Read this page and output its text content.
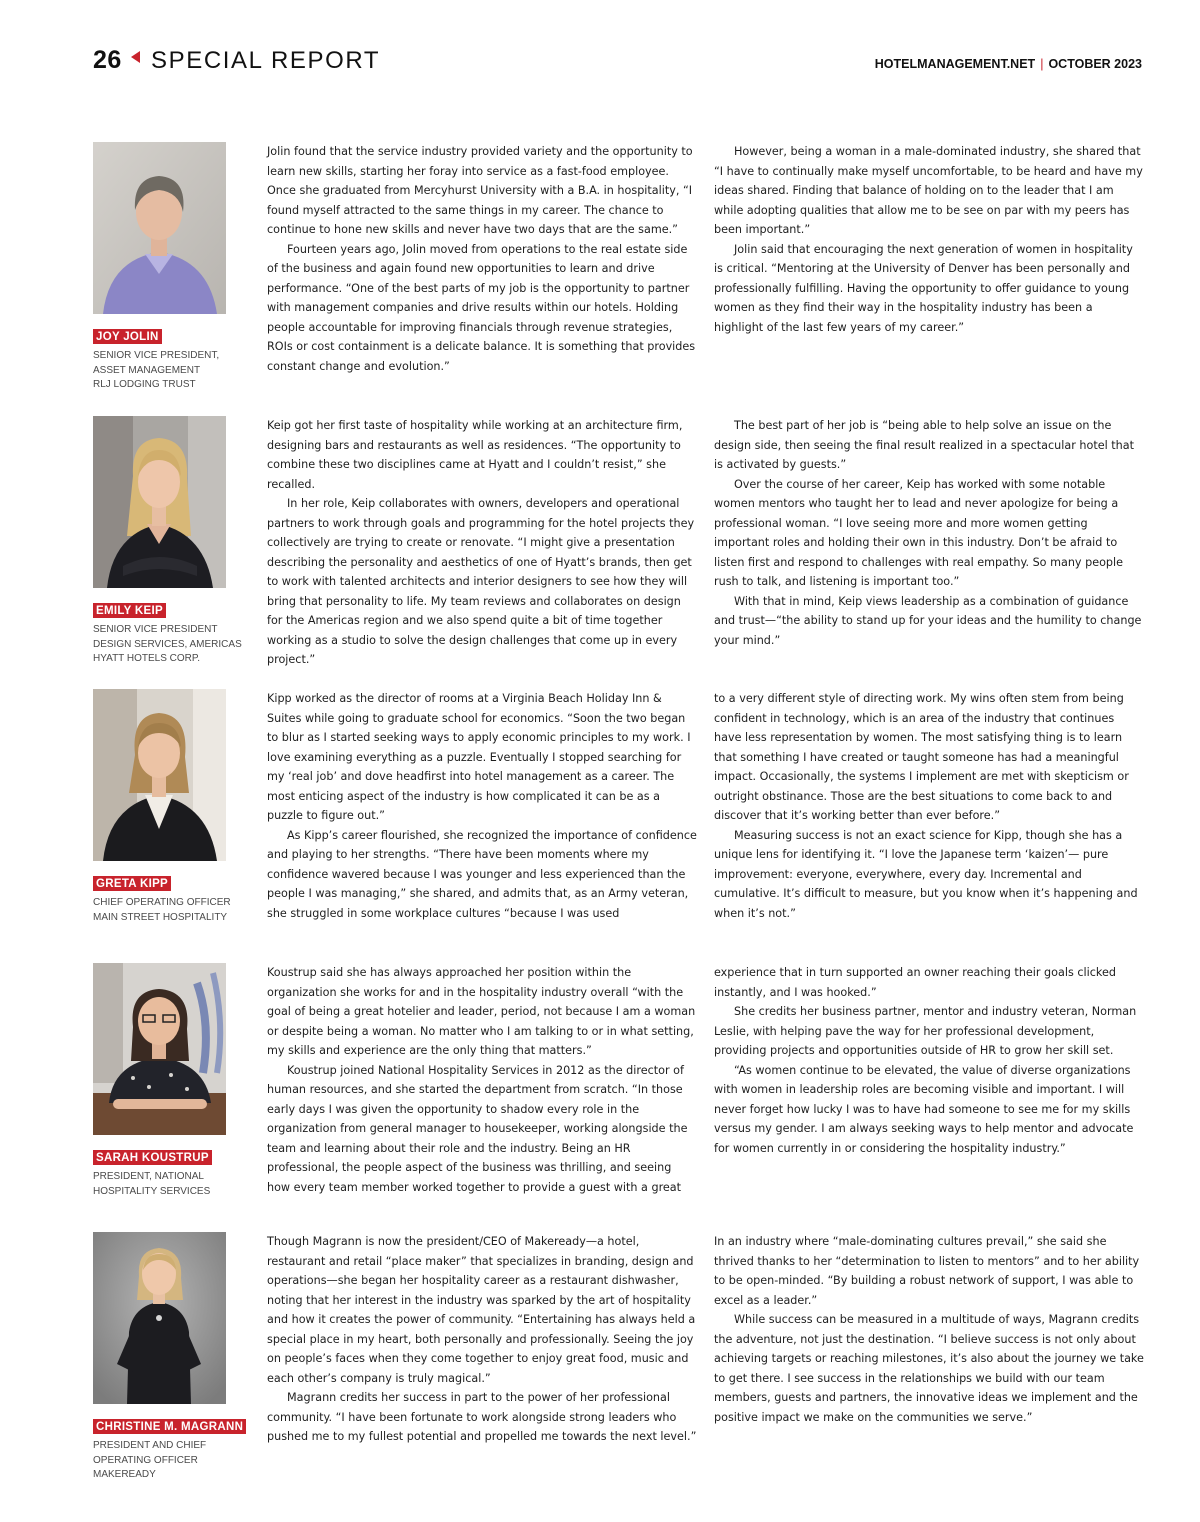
26 SPECIAL REPORT	HOTELMANAGEMENT.NET | OCTOBER 2023
JOY JOLIN
SENIOR VICE PRESIDENT,
ASSET MANAGEMENT
RLJ LODGING TRUST

Jolin found that the service industry provided variety and the opportunity to learn new skills, starting her foray into service as a fast-food employee. Once she graduated from Mercyhurst University with a B.A. in hospitality, “I found myself attracted to the same things in my career. The chance to continue to hone new skills and never have two days that are the same.”

Fourteen years ago, Jolin moved from operations to the real estate side of the business and again found new opportunities to learn and drive performance. “One of the best parts of my job is the opportunity to partner with management companies and drive results within our hotels. Holding people accountable for improving financials through revenue strategies, ROIs or cost containment is a delicate balance. It is something that provides constant change and evolution.”

However, being a woman in a male-dominated industry, she shared that “I have to continually make myself uncomfortable, to be heard and have my ideas shared. Finding that balance of holding on to the leader that I am while adopting qualities that allow me to be see on par with my peers has been important.”

Jolin said that encouraging the next generation of women in hospitality is critical. “Mentoring at the University of Denver has been personally and professionally fulfilling. Having the opportunity to offer guidance to young women as they find their way in the hospitality industry has been a highlight of the last few years of my career.”

EMILY KEIP
SENIOR VICE PRESIDENT
DESIGN SERVICES, AMERICAS
HYATT HOTELS CORP.

Keip got her first taste of hospitality while working at an architecture firm, designing bars and restaurants as well as residences. “The opportunity to combine these two disciplines came at Hyatt and I couldn’t resist,” she recalled.

In her role, Keip collaborates with owners, developers and operational partners to work through goals and programming for the hotel projects they collectively are trying to create or renovate. “I might give a presentation describing the personality and aesthetics of one of Hyatt’s brands, then get to work with talented architects and interior designers to see how they will bring that personality to life. My team reviews and collaborates on design for the Americas region and we also spend quite a bit of time together working as a studio to solve the design challenges that come up in every project.”

The best part of her job is “being able to help solve an issue on the design side, then seeing the final result realized in a spectacular hotel that is activated by guests.”

Over the course of her career, Keip has worked with some notable women mentors who taught her to lead and never apologize for being a professional woman. “I love seeing more and more women getting important roles and holding their own in this industry. Don’t be afraid to listen first and respond to challenges with real empathy. So many people rush to talk, and listening is important too.”

With that in mind, Keip views leadership as a combination of guidance and trust—“the ability to stand up for your ideas and the humility to change your mind.”

GRETA KIPP
CHIEF OPERATING OFFICER
MAIN STREET HOSPITALITY

Kipp worked as the director of rooms at a Virginia Beach Holiday Inn & Suites while going to graduate school for economics. “Soon the two began to blur as I started seeking ways to apply economic principles to my work. I love examining everything as a puzzle. Eventually I stopped searching for my ‘real job’ and dove headfirst into hotel management as a career. The most enticing aspect of the industry is how complicated it can be as a puzzle to figure out.”

As Kipp’s career flourished, she recognized the importance of confidence and playing to her strengths. “There have been moments where my confidence wavered because I was younger and less experienced than the people I was managing,” she shared, and admits that, as an Army veteran, she struggled in some workplace cultures “because I was used

to a very different style of directing work. My wins often stem from being confident in technology, which is an area of the industry that continues have less representation by women. The most satisfying thing is to learn that something I have created or taught someone has had a meaningful impact. Occasionally, the systems I implement are met with skepticism or outright obstinance. Those are the best situations to come back to and discover that it’s working better than ever before.”

Measuring success is not an exact science for Kipp, though she has a unique lens for identifying it. “I love the Japanese term ‘kaizen’— pure improvement: everyone, everywhere, every day. Incremental and cumulative. It’s difficult to measure, but you know when it’s happening and when it’s not.”

SARAH KOUSTRUP
PRESIDENT, NATIONAL
HOSPITALITY SERVICES

Koustrup said she has always approached her position within the organization she works for and in the hospitality industry overall “with the goal of being a great hotelier and leader, period, not because I am a woman or despite being a woman. No matter who I am talking to or in what setting, my skills and experience are the only thing that matters.”

Koustrup joined National Hospitality Services in 2012 as the director of human resources, and she started the department from scratch. “In those early days I was given the opportunity to shadow every role in the organization from general manager to housekeeper, working alongside the team and learning about their role and the industry. Being an HR professional, the people aspect of the business was thrilling, and seeing how every team member worked together to provide a guest with a great

experience that in turn supported an owner reaching their goals clicked instantly, and I was hooked.”

She credits her business partner, mentor and industry veteran, Norman Leslie, with helping pave the way for her professional development, providing projects and opportunities outside of HR to grow her skill set.

“As women continue to be elevated, the value of diverse organizations with women in leadership roles are becoming visible and important. I will never forget how lucky I was to have had someone to see me for my skills versus my gender. I am always seeking ways to help mentor and advocate for women currently in or considering the hospitality industry.”

CHRISTINE M. MAGRANN
PRESIDENT AND CHIEF
OPERATING OFFICER
MAKEREADY

Though Magrann is now the president/CEO of Makeready—a hotel, restaurant and retail “place maker” that specializes in branding, design and operations—she began her hospitality career as a restaurant dishwasher, noting that her interest in the industry was sparked by the art of hospitality and how it creates the power of community. “Entertaining has always held a special place in my heart, both personally and professionally. Seeing the joy on people’s faces when they come together to enjoy great food, music and each other’s company is truly magical.”

Magrann credits her success in part to the power of her professional community. “I have been fortunate to work alongside strong leaders who pushed me to my fullest potential and propelled me towards the next level.”

In an industry where “male-dominating cultures prevail,” she said she thrived thanks to her “determination to listen to mentors” and to her ability to be open-minded. “By building a robust network of support, I was able to excel as a leader.”

While success can be measured in a multitude of ways, Magrann credits the adventure, not just the destination. “I believe success is not only about achieving targets or reaching milestones, it’s also about the journey we take to get there. I see success in the relationships we build with our team members, guests and partners, the innovative ideas we implement and the positive impact we make on the communities we serve.”
